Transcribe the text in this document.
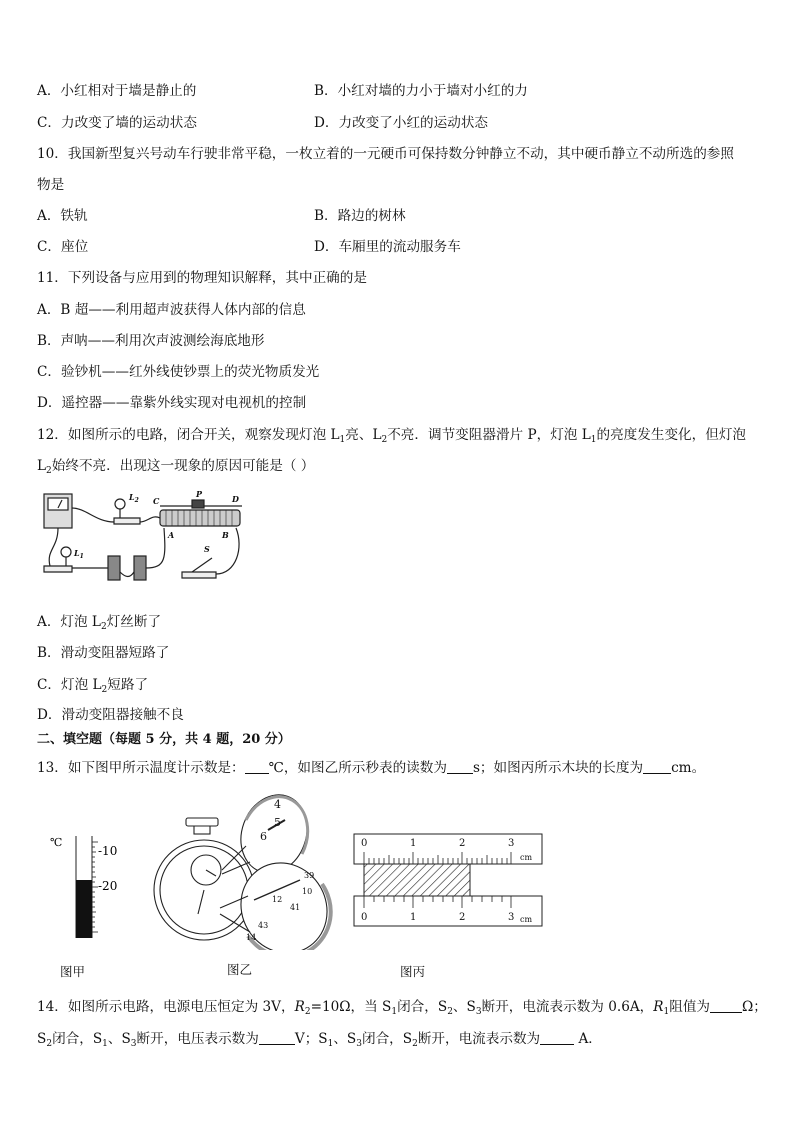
A．小红相对于墙是静止的	B．小红对墙的力小于墙对小红的力
C．力改变了墙的运动状态	D．力改变了小红的运动状态
10．我国新型复兴号动车行驶非常平稳，一枚立着的一元硬币可保持数分钟静立不动，其中硬币静立不动所选的参照
物是
A．铁轨	B．路边的树林
C．座位	D．车厢里的流动服务车
11．下列设备与应用到的物理知识解释，其中正确的是
A．B 超——利用超声波获得人体内部的信息
B．声呐——利用次声波测绘海底地形
C．验钞机——红外线使钞票上的荧光物质发光
D．遥控器——靠紫外线实现对电视机的控制
12．如图所示的电路，闭合开关，观察发现灯泡 $L_1$亮、$L_2$不亮．调节变阻器滑片 P，灯泡 $L_1$的亮度发生变化，但灯泡
$L_2$始终不亮．出现这一现象的原因可能是（ ）
C
P	D
A	B
$L_2$
$L_1$
S
A．灯泡 $L_2$灯丝断了
B．滑动变阻器短路了
C．灯泡 $L_2$短路了
D．滑动变阻器接触不良
二、填空题（每题 5 分，共 4 题，20 分）
13．如下图甲所示温度计示数是： ℃，如图乙所示秒表的读数为 s；如图丙所示木块的长度为 cm。
℃
-10
-20
4
5
6
39
10
41
12
43
14
0	1	2	3
cm
0	1	2	3 cm
图甲	图乙	图丙
14．如图所示电路，电源电压恒定为 3V，$R_2=10\Omega$，当 $S_1$闭合，$S_2$、$S_3$断开，电流表示数为 0.6A，$R_1$阻值为 Ω；
$S_2$闭合，$S_1$、$S_3$断开，电压表示数为	V；$S_1$、$S_3$闭合，$S_2$断开，电流表示数为	A．
